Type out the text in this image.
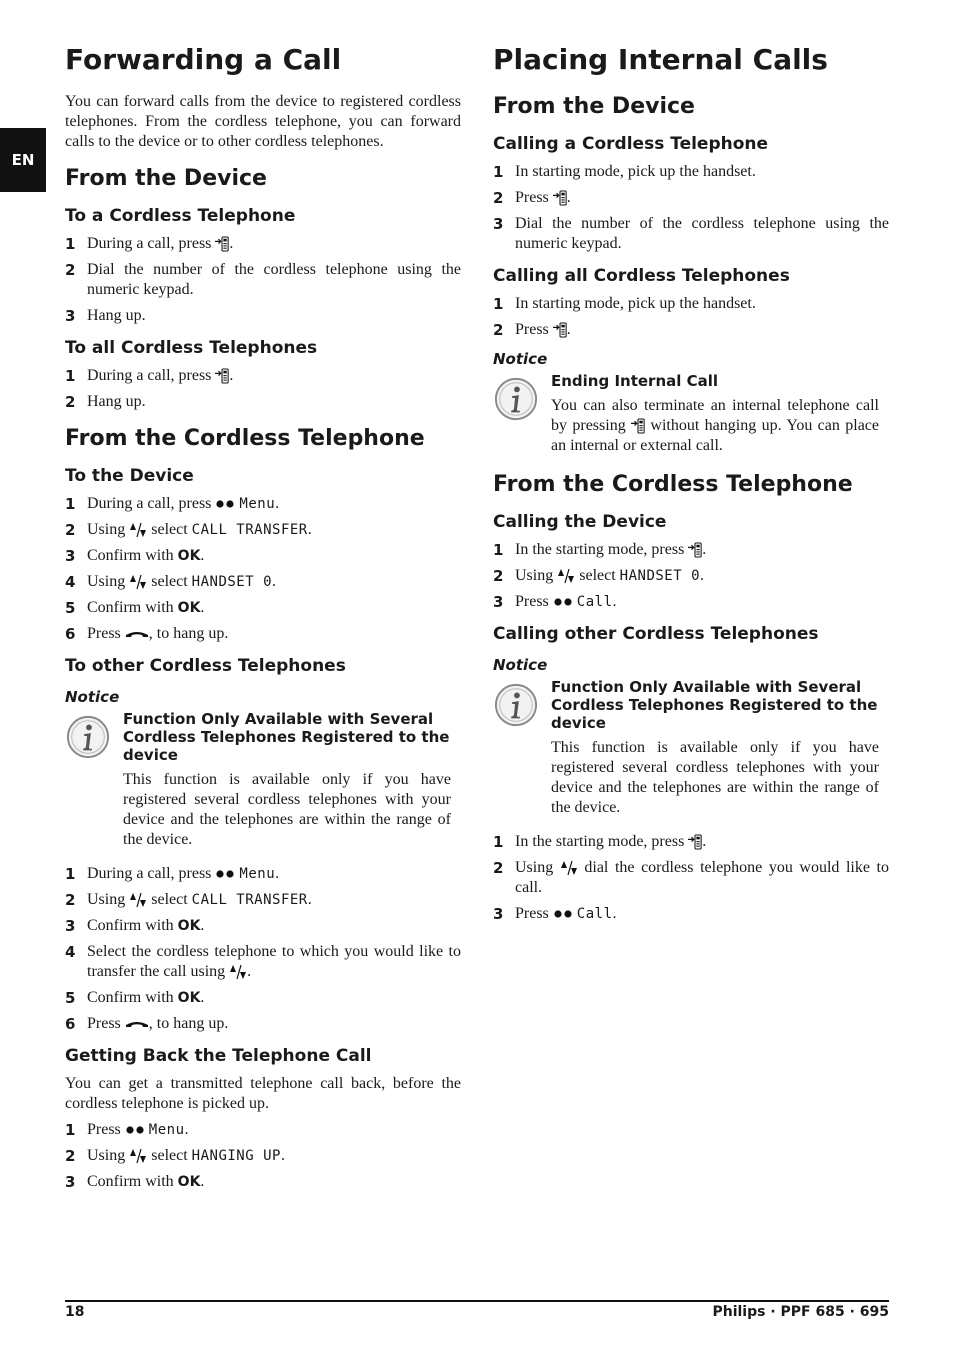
EN
Forwarding a Call

You can forward calls from the device to registered cordless telephones. From the cordless telephone, you can forward calls to the device or to other cordless telephones.

From the Device
To a Cordless Telephone
1 During a call, press .
2 Dial the number of the cordless telephone using the numeric keypad.
3 Hang up.
To all Cordless Telephones
1 During a call, press .
2 Hang up.
From the Cordless Telephone
To the Device
1 During a call, press  Menu.
2 Using  select CALL TRANSFER.
3 Confirm with OK.
4 Using  select HANDSET 0.
5 Confirm with OK.
6 Press , to hang up.
To other Cordless Telephones
Notice
Function Only Available with Several Cordless Telephones Registered to the device
This function is available only if you have registered several cordless telephones with your device and the telephones are within the range of the device.
1 During a call, press  Menu.
2 Using  select CALL TRANSFER.
3 Confirm with OK.
4 Select the cordless telephone to which you would like to transfer the call using .
5 Confirm with OK.
6 Press , to hang up.
Getting Back the Telephone Call

You can get a transmitted telephone call back, before the cordless telephone is picked up.

1 Press  Menu.
2 Using  select HANGING UP.
3 Confirm with OK.
Placing Internal Calls
From the Device
Calling a Cordless Telephone
1 In starting mode, pick up the handset.
2 Press .
3 Dial the number of the cordless telephone using the numeric keypad.
Calling all Cordless Telephones
1 In starting mode, pick up the handset.
2 Press .
Notice
Ending Internal Call
You can also terminate an internal telephone call by pressing  without hanging up. You can place an internal or external call.
From the Cordless Telephone
Calling the Device
1 In the starting mode, press .
2 Using  select HANDSET 0.
3 Press  Call.
Calling other Cordless Telephones
Notice
Function Only Available with Several Cordless Telephones Registered to the device
This function is available only if you have registered several cordless telephones with your device and the telephones are within the range of the device.
1 In the starting mode, press .
2 Using  dial the cordless telephone you would like to call.
3 Press  Call.
18	Philips · PPF 685 · 695
